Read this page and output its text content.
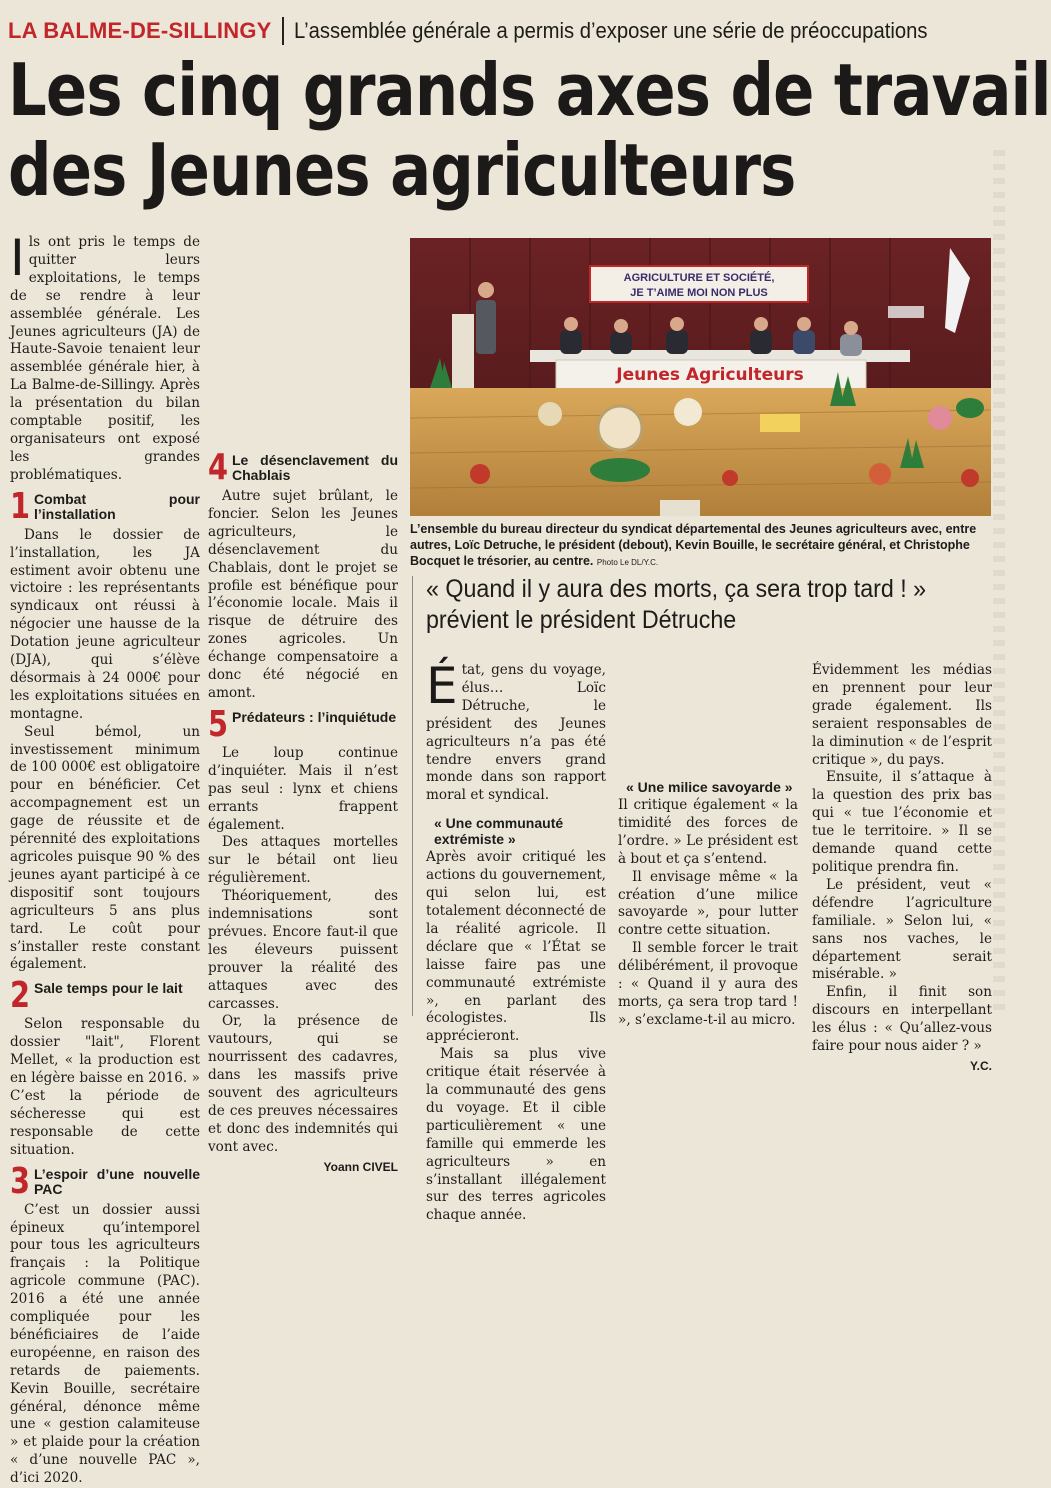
LA BALME-DE-SILLINGY L’assemblée générale a permis d’exposer une série de préoccupations
Les cinq grands axes de travail
des Jeunes agriculteurs

Ils ont pris le temps de quitter leurs exploitations, le temps de se rendre à leur assemblée générale. Les Jeunes agriculteurs (JA) de Haute-Savoie tenaient leur assemblée générale hier, à La Balme-de-Sillingy. Après la présentation du bilan comptable positif, les organisateurs ont exposé les grandes problématiques.

1 Combat pour l’installation

Dans le dossier de l’installation, les JA estiment avoir obtenu une victoire : les représentants syndicaux ont réussi à négocier une hausse de la Dotation jeune agriculteur (DJA), qui s’élève désormais à 24 000€ pour les exploitations situées en montagne.

Seul bémol, un investissement minimum de 100 000€ est obligatoire pour en bénéficier. Cet accompagnement est un gage de réussite et de pérennité des exploitations agricoles puisque 90 % des jeunes ayant participé à ce dispositif sont toujours agriculteurs 5 ans plus tard. Le coût pour s’installer reste constant également.

2 Sale temps pour le lait

Selon responsable du dossier "lait", Florent Mellet, « la production est en légère baisse en 2016. » C’est la période de sécheresse qui est responsable de cette situation.

3 L’espoir d’une nouvelle PAC

C’est un dossier aussi épineux qu’intemporel pour tous les agriculteurs français : la Politique agricole commune (PAC). 2016 a été une année compliquée pour les bénéficiaires de l’aide européenne, en raison des retards de paiements. Kevin Bouille, secrétaire général, dénonce même une « gestion calamiteuse » et plaide pour la création « d’une nouvelle PAC », d’ici 2020.

4 Le désenclavement du Chablais

Autre sujet brûlant, le foncier. Selon les Jeunes agriculteurs, le désenclavement du Chablais, dont le projet se profile est bénéfique pour l’économie locale. Mais il risque de détruire des zones agricoles. Un échange compensatoire a donc été négocié en amont.

5 Prédateurs : l’inquiétude

Le loup continue d’inquiéter. Mais il n’est pas seul : lynx et chiens errants frappent également.

Des attaques mortelles sur le bétail ont lieu régulièrement.

Théoriquement, des indemnisations sont prévues. Encore faut-il que les éleveurs puissent prouver la réalité des attaques avec des carcasses.

Or, la présence de vautours, qui se nourrissent des cadavres, dans les massifs prive souvent des agriculteurs de ces preuves nécessaires et donc des indemnités qui vont avec.

Yoann CIVEL
AGRICULTURE ET SOCIÉTÉ,
JE T’AIME MOI NON PLUS
Jeunes Agriculteurs
L’ensemble du bureau directeur du syndicat départemental des Jeunes agriculteurs avec, entre autres, Loïc Detruche, le président (debout), Kevin Bouille, le secrétaire général, et Christophe Bocquet le trésorier, au centre. Photo Le DL/Y.C.
« Quand il y aura des morts, ça sera trop tard ! »
prévient le président Détruche

État, gens du voyage, élus… Loïc Détruche, le président des Jeunes agriculteurs n’a pas été tendre envers grand monde dans son rapport moral et syndical.

« Une communauté extrémiste »

Après avoir critiqué les actions du gouvernement, qui selon lui, est totalement déconnecté de la réalité agricole. Il déclare que « l’État se laisse faire pas une communauté extrémiste », en parlant des écologistes. Ils apprécieront.

Mais sa plus vive critique était réservée à la communauté des gens du voyage. Et il cible particulièrement « une famille qui emmerde les agriculteurs » en s’installant illégalement sur des terres agricoles chaque année.

« Une milice savoyarde »

Il critique également « la timidité des forces de l’ordre. » Le président est à bout et ça s’entend.

Il envisage même « la création d’une milice savoyarde », pour lutter contre cette situation.

Il semble forcer le trait délibérément, il provoque : « Quand il y aura des morts, ça sera trop tard ! », s’exclame-t-il au micro.

Évidemment les médias en prennent pour leur grade également. Ils seraient responsables de la diminution « de l’esprit critique », du pays.

Ensuite, il s’attaque à la question des prix bas qui « tue l’économie et tue le territoire. » Il se demande quand cette politique prendra fin.

Le président, veut « défendre l’agriculture familiale. » Selon lui, « sans nos vaches, le département serait misérable. »

Enfin, il finit son discours en interpellant les élus : « Qu’allez-vous faire pour nous aider ? »

Y.C.
